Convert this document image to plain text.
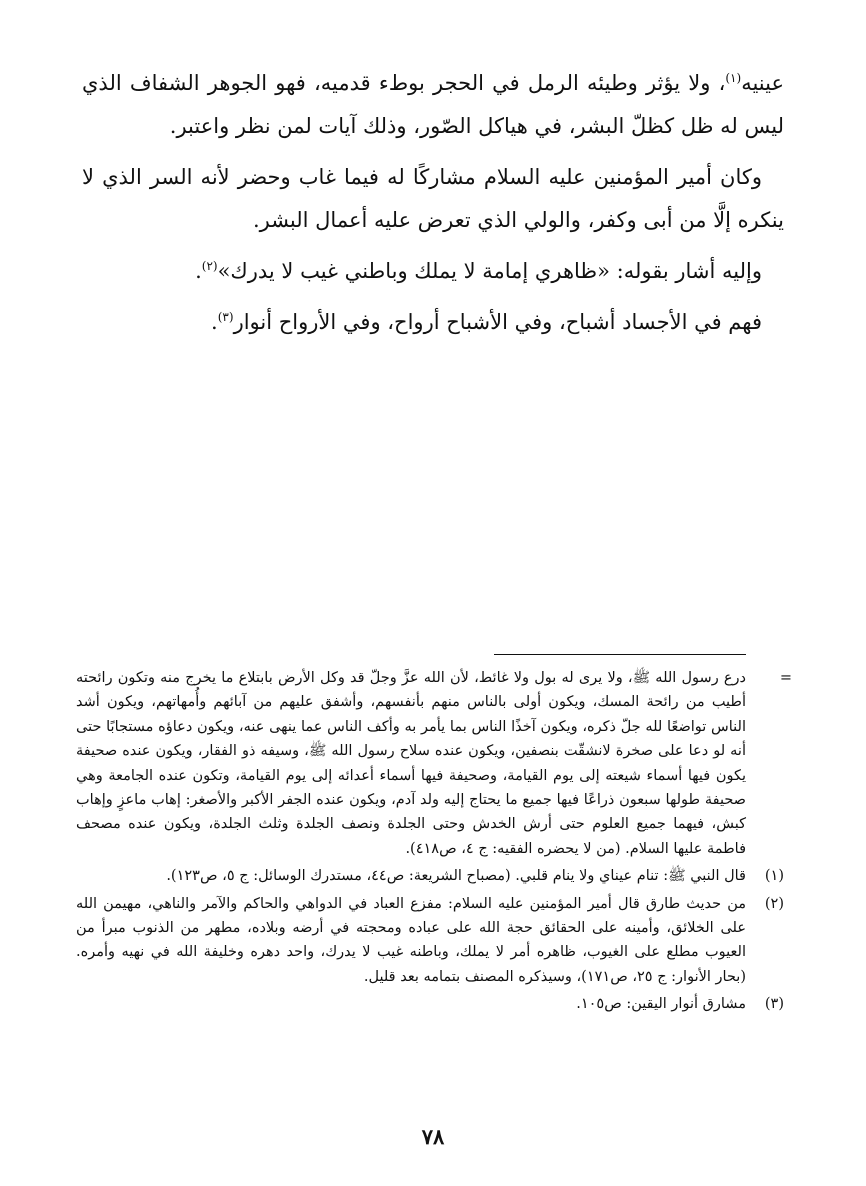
عينيه$^{(١)}$، ولا يؤثر وطيئه الرمل في الحجر بوطء قدميه، فهو الجوهر الشفاف الذي ليس له ظل كظلّ البشر، في هياكل الصّور، وذلك آيات لمن نظر واعتبر.

وكان أمير المؤمنين عليه السلام مشاركًا له فيما غاب وحضر لأنه السر الذي لا ينكره إلَّا من أبى وكفر، والولي الذي تعرض عليه أعمال البشر.

وإليه أشار بقوله: «ظاهري إمامة لا يملك وباطني غيب لا يدرك»$^{(٢)}$.

فهم في الأجساد أشباح، وفي الأشباح أرواح، وفي الأرواح أنوار$^{(٣)}$.

=
درع رسول الله ﷺ، ولا يرى له بول ولا غائط، لأن الله عزَّ وجلّ قد وكل الأرض بابتلاع ما يخرج منه وتكون رائحته أطيب من رائحة المسك، ويكون أولى بالناس منهم بأنفسهم، وأشفق عليهم من آبائهم وأُمهاتهم، ويكون أشد الناس تواضعًا لله جلّ ذكره، ويكون آخذًا الناس بما يأمر به وأكف الناس عما ينهى عنه، ويكون دعاؤه مستجابًا حتى أنه لو دعا على صخرة لانشقّت بنصفين، ويكون عنده سلاح رسول الله ﷺ، وسيفه ذو الفقار، ويكون عنده صحيفة يكون فيها أسماء شيعته إلى يوم القيامة، وصحيفة فيها أسماء أعدائه إلى يوم القيامة، وتكون عنده الجامعة وهي صحيفة طولها سبعون ذراعًا فيها جميع ما يحتاج إليه ولد آدم، ويكون عنده الجفر الأكبر والأصغر: إهاب ماعزٍ وإهاب كبش، فيهما جميع العلوم حتى أرش الخدش وحتى الجلدة ونصف الجلدة وثلث الجلدة، ويكون عنده مصحف فاطمة عليها السلام. (من لا يحضره الفقيه: ج ٤، ص٤١٨).
(١)
قال النبي ﷺ: تنام عيناي ولا ينام قلبي. (مصباح الشريعة: ص٤٤، مستدرك الوسائل: ج ٥، ص١٢٣).
(٢)
من حديث طارق قال أمير المؤمنين عليه السلام: مفزع العباد في الدواهي والحاكم والآمر والناهي، مهيمن الله على الخلائق، وأمينه على الحقائق حجة الله على عباده ومحجته في أرضه وبلاده، مطهر من الذنوب مبرأ من العيوب مطلع على الغيوب، ظاهره أمر لا يملك، وباطنه غيب لا يدرك، واحد دهره وخليفة الله في نهيه وأمره. (بحار الأنوار: ج ٢٥، ص١٧١)، وسيذكره المصنف بتمامه بعد قليل.
(٣)
مشارق أنوار اليقين: ص١٠٥.
٧٨
